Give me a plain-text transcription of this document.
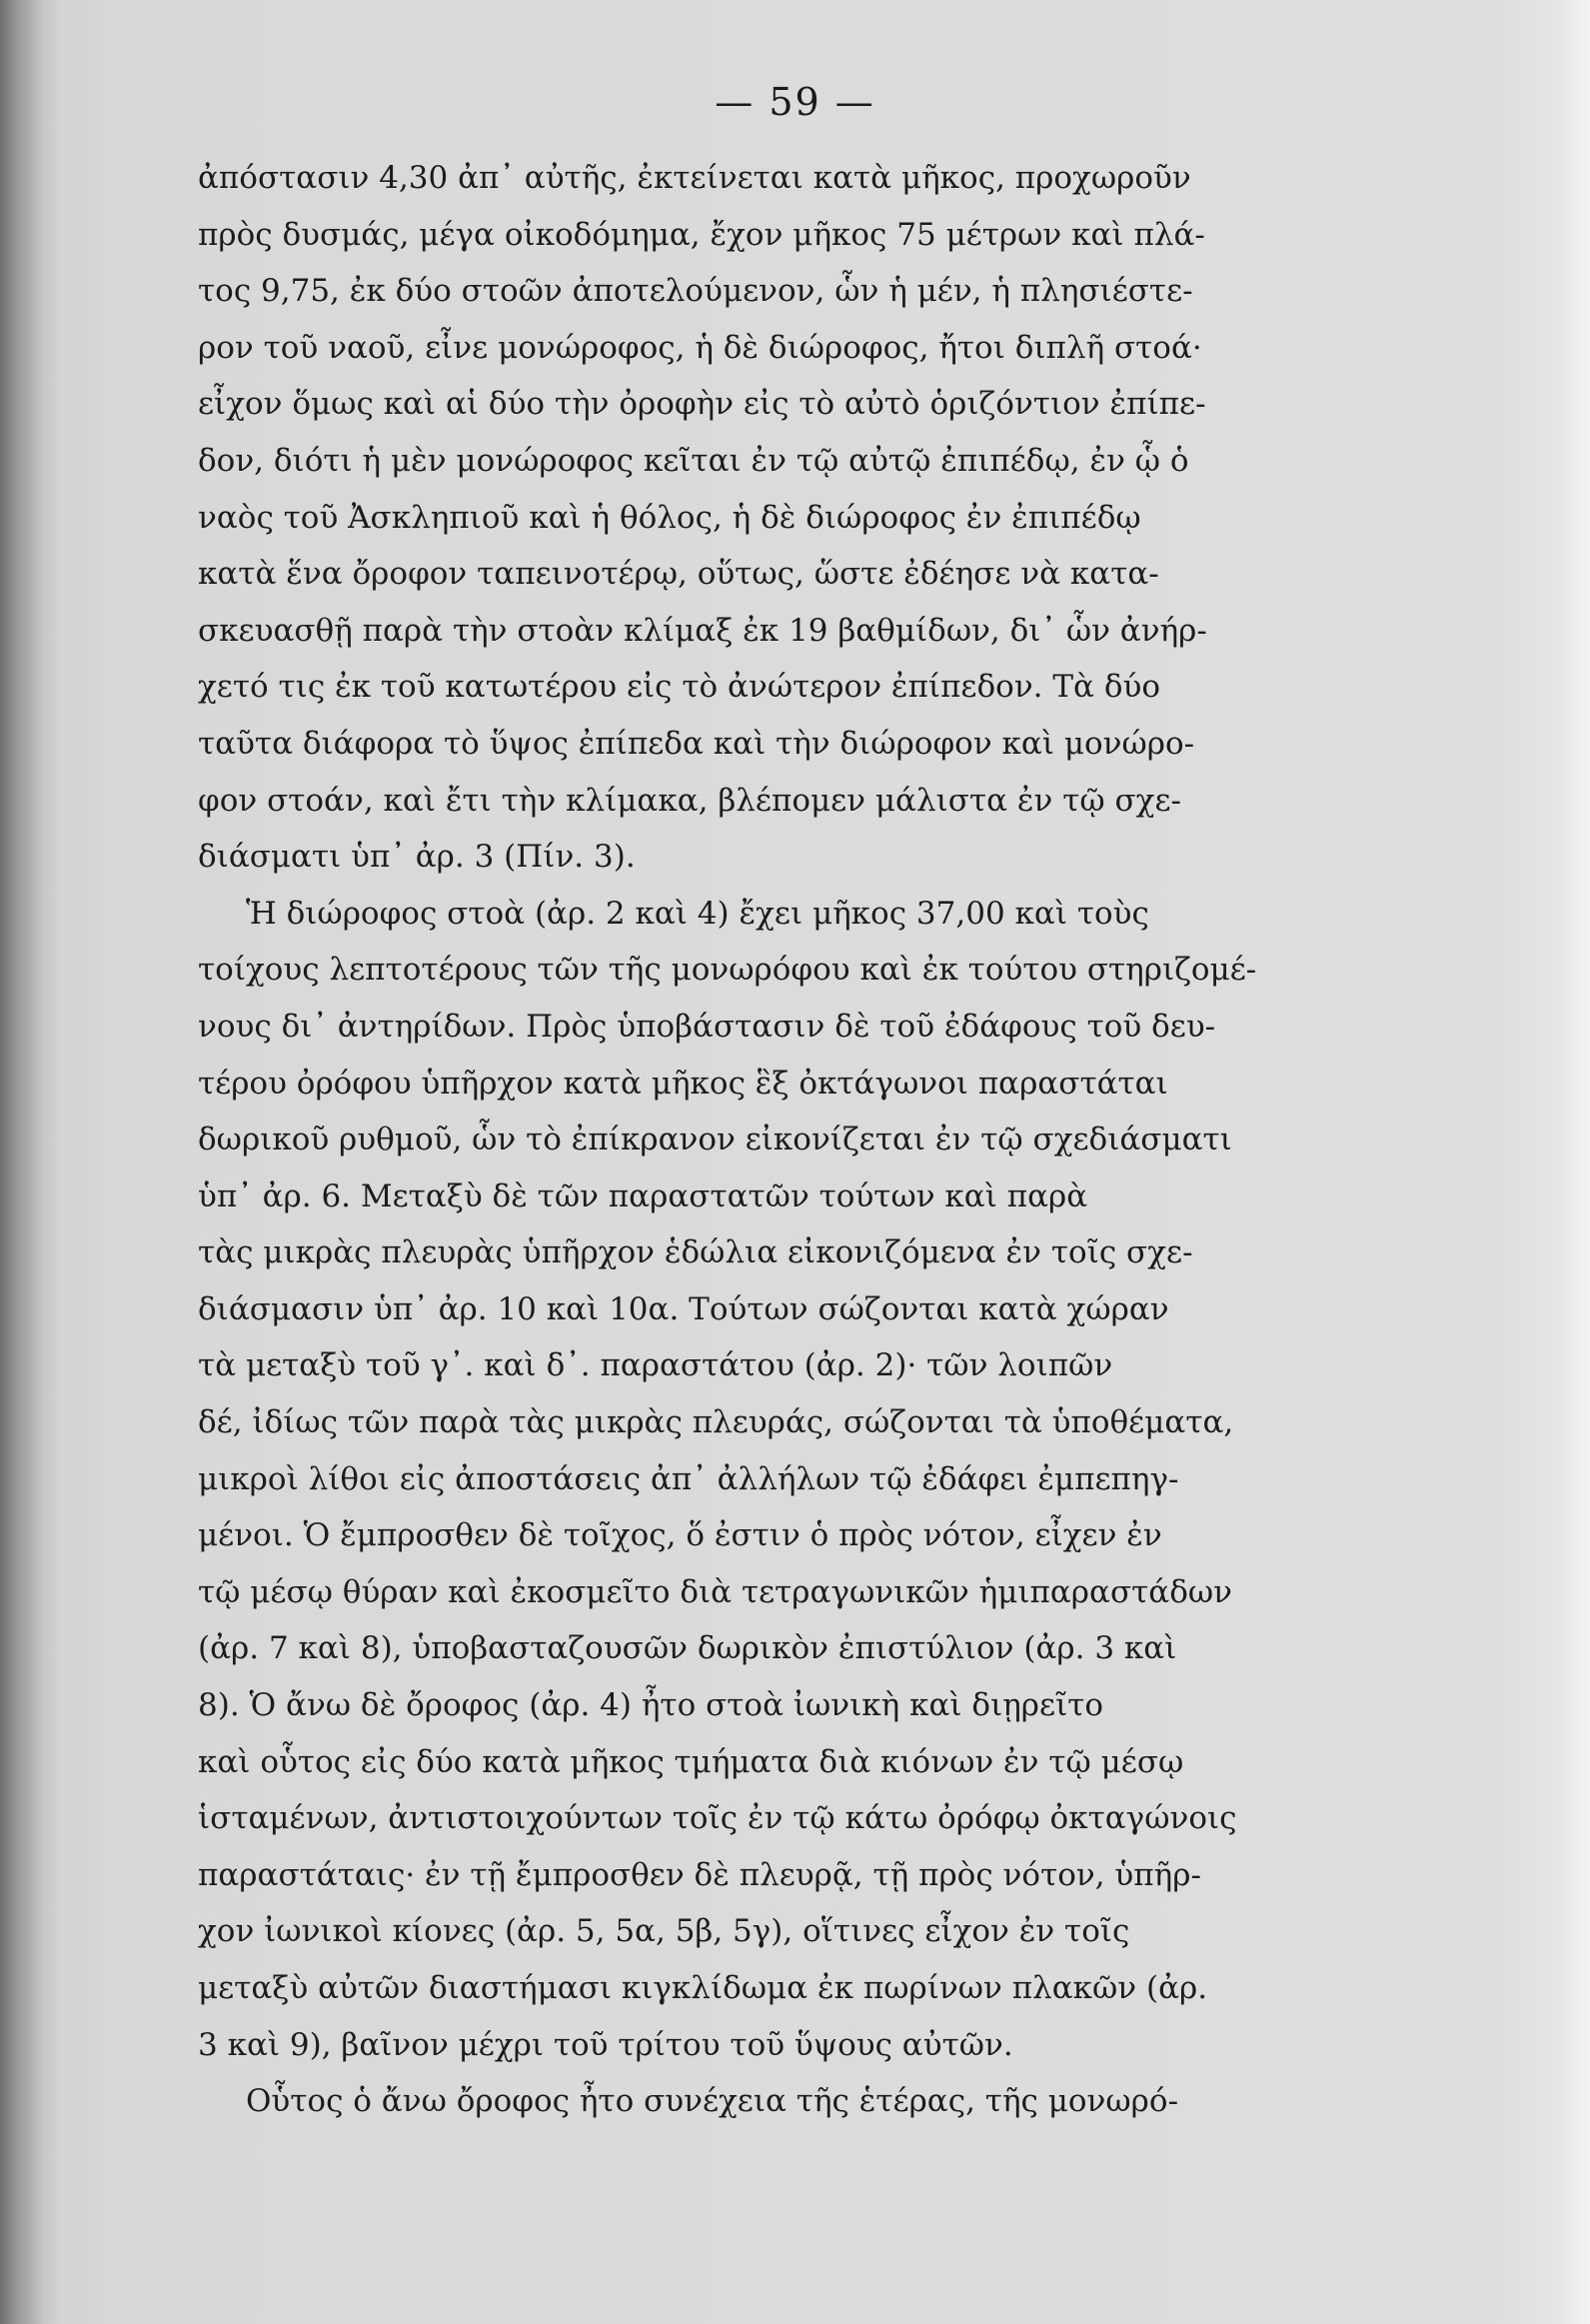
— 59 —
ἀπόστασιν 4,30 ἀπ᾽ αὐτῆς, ἐκτείνεται κατὰ μῆκος, προχωροῦν
πρὸς δυσμάς, μέγα οἰκοδόμημα, ἔχον μῆκος 75 μέτρων καὶ πλά-
τος 9,75, ἐκ δύο στοῶν ἀποτελούμενον, ὧν ἡ μέν, ἡ πλησιέστε-
ρον τοῦ ναοῦ, εἶνε μονώροφος, ἡ δὲ διώροφος, ἤτοι διπλῆ στοά·
εἶχον ὅμως καὶ αἱ δύο τὴν ὀροφὴν εἰς τὸ αὐτὸ ὁριζόντιον ἐπίπε-
δον, διότι ἡ μὲν μονώροφος κεῖται ἐν τῷ αὐτῷ ἐπιπέδῳ, ἐν ᾧ ὁ
ναὸς τοῦ Ἀσκληπιοῦ καὶ ἡ θόλος, ἡ δὲ διώροφος ἐν ἐπιπέδῳ
κατὰ ἕνα ὄροφον ταπεινοτέρῳ, οὕτως, ὥστε ἐδέησε νὰ κατα-
σκευασθῇ παρὰ τὴν στοὰν κλίμαξ ἐκ 19 βαθμίδων, δι᾽ ὧν ἀνήρ-
χετό τις ἐκ τοῦ κατωτέρου εἰς τὸ ἀνώτερον ἐπίπεδον. Τὰ δύο
ταῦτα διάφορα τὸ ὕψος ἐπίπεδα καὶ τὴν διώροφον καὶ μονώρο-
φον στοάν, καὶ ἔτι τὴν κλίμακα, βλέπομεν μάλιστα ἐν τῷ σχε-
διάσματι ὑπ᾽ ἀρ. 3 (Πίν. 3).
Ἡ διώροφος στοὰ (ἀρ. 2 καὶ 4) ἔχει μῆκος 37,00 καὶ τοὺς
τοίχους λεπτοτέρους τῶν τῆς μονωρόφου καὶ ἐκ τούτου στηριζομέ-
νους δι᾽ ἀντηρίδων. Πρὸς ὑποβάστασιν δὲ τοῦ ἐδάφους τοῦ δευ-
τέρου ὀρόφου ὑπῆρχον κατὰ μῆκος ἓξ ὀκτάγωνοι παραστάται
δωρικοῦ ρυθμοῦ, ὧν τὸ ἐπίκρανον εἰκονίζεται ἐν τῷ σχεδιάσματι
ὑπ᾽ ἀρ. 6. Μεταξὺ δὲ τῶν παραστατῶν τούτων καὶ παρὰ
τὰς μικρὰς πλευρὰς ὑπῆρχον ἑδώλια εἰκονιζόμενα ἐν τοῖς σχε-
διάσμασιν ὑπ᾽ ἀρ. 10 καὶ 10α. Τούτων σώζονται κατὰ χώραν
τὰ μεταξὺ τοῦ γ᾽. καὶ δ᾽. παραστάτου (ἀρ. 2)· τῶν λοιπῶν
δέ, ἰδίως τῶν παρὰ τὰς μικρὰς πλευράς, σώζονται τὰ ὑποθέματα,
μικροὶ λίθοι εἰς ἀποστάσεις ἀπ᾽ ἀλλήλων τῷ ἐδάφει ἐμπεπηγ-
μένοι. Ὁ ἔμπροσθεν δὲ τοῖχος, ὅ ἐστιν ὁ πρὸς νότον, εἶχεν ἐν
τῷ μέσῳ θύραν καὶ ἐκοσμεῖτο διὰ τετραγωνικῶν ἡμιπαραστάδων
(ἀρ. 7 καὶ 8), ὑποβασταζουσῶν δωρικὸν ἐπιστύλιον (ἀρ. 3 καὶ
8). Ὁ ἄνω δὲ ὄροφος (ἀρ. 4) ἦτο στοὰ ἰωνικὴ καὶ διῃρεῖτο
καὶ οὗτος εἰς δύο κατὰ μῆκος τμήματα διὰ κιόνων ἐν τῷ μέσῳ
ἱσταμένων, ἀντιστοιχούντων τοῖς ἐν τῷ κάτω ὀρόφῳ ὀκταγώνοις
παραστάταις· ἐν τῇ ἔμπροσθεν δὲ πλευρᾷ, τῇ πρὸς νότον, ὑπῆρ-
χον ἰωνικοὶ κίονες (ἀρ. 5, 5α, 5β, 5γ), οἵτινες εἶχον ἐν τοῖς
μεταξὺ αὐτῶν διαστήμασι κιγκλίδωμα ἐκ πωρίνων πλακῶν (ἀρ.
3 καὶ 9), βαῖνον μέχρι τοῦ τρίτου τοῦ ὕψους αὐτῶν.
Οὗτος ὁ ἄνω ὄροφος ἦτο συνέχεια τῆς ἑτέρας, τῆς μονωρό-
